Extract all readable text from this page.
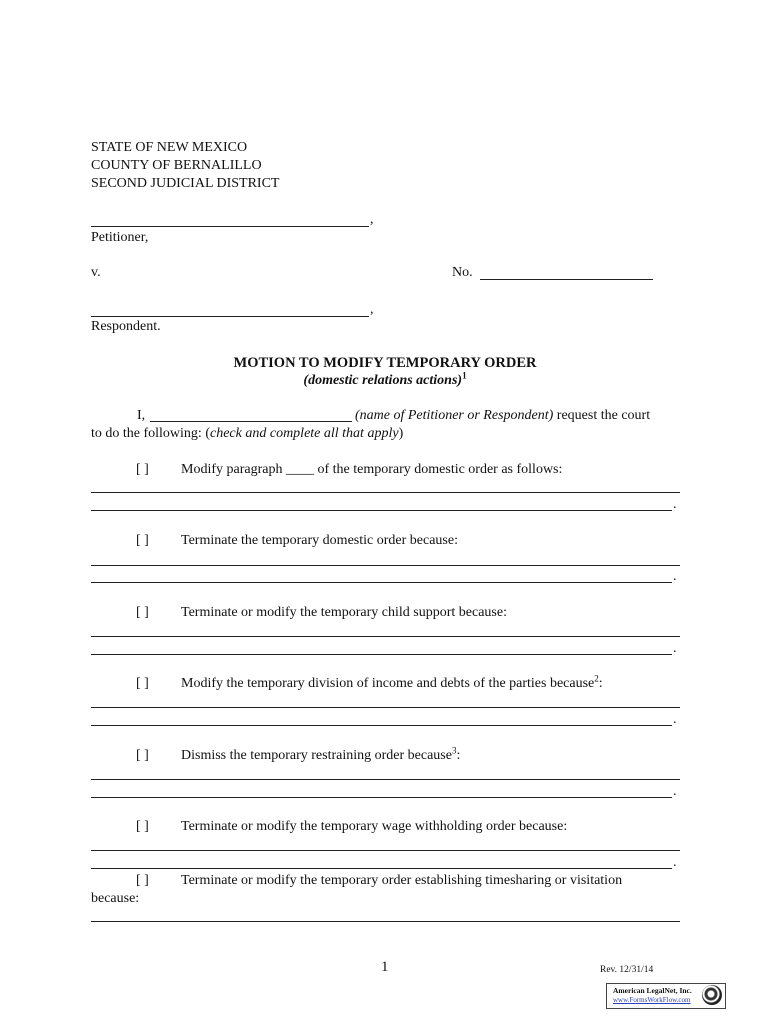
STATE OF NEW MEXICO
COUNTY OF BERNALILLO
SECOND JUDICIAL DISTRICT
,
Petitioner,
v.	No.
,
Respondent.
MOTION TO MODIFY TEMPORARY ORDER
(domestic relations actions)$^1$
I,	(name of Petitioner or Respondent) request the court
to do the following: (check and complete all that apply)
[ ] Modify paragraph ____ of the temporary domestic order as follows:
.
[ ] Terminate the temporary domestic order because:
.
[ ] Terminate or modify the temporary child support because:
.
[ ] Modify the temporary division of income and debts of the parties because$^2$:
.
[ ] Dismiss the temporary restraining order because$^3$:
.
[ ] Terminate or modify the temporary wage withholding order because:
.
[ ] Terminate or modify the temporary order establishing timesharing or visitation
because:
1	Rev. 12/31/14
American LegalNet, Inc.
www.FormsWorkFlow.com
